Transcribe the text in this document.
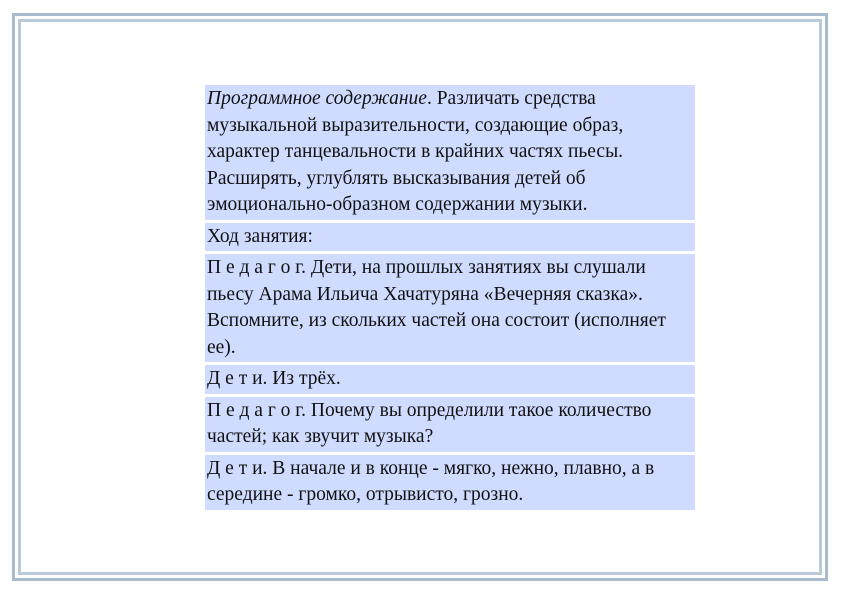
Программное содержание. Различать средства музыкальной выразительности, создающие образ, характер танцевальности в крайних частях пьесы. Расширять, углублять высказывания детей об эмоционально-образном содержании музыки.
Ход занятия:
П е д а г о г. Дети, на прошлых занятиях вы слушали пьесу Арама Ильича Хачатуряна «Вечерняя сказка». Вспомните, из скольких частей она состоит (исполняет ее).
Д е т и. Из трёх.
П е д а г о г. Почему вы определили такое количество частей; как звучит музыка?
Д е т и. В начале и в конце - мягко, нежно, плавно, а в середине - громко, отрывисто, грозно.
